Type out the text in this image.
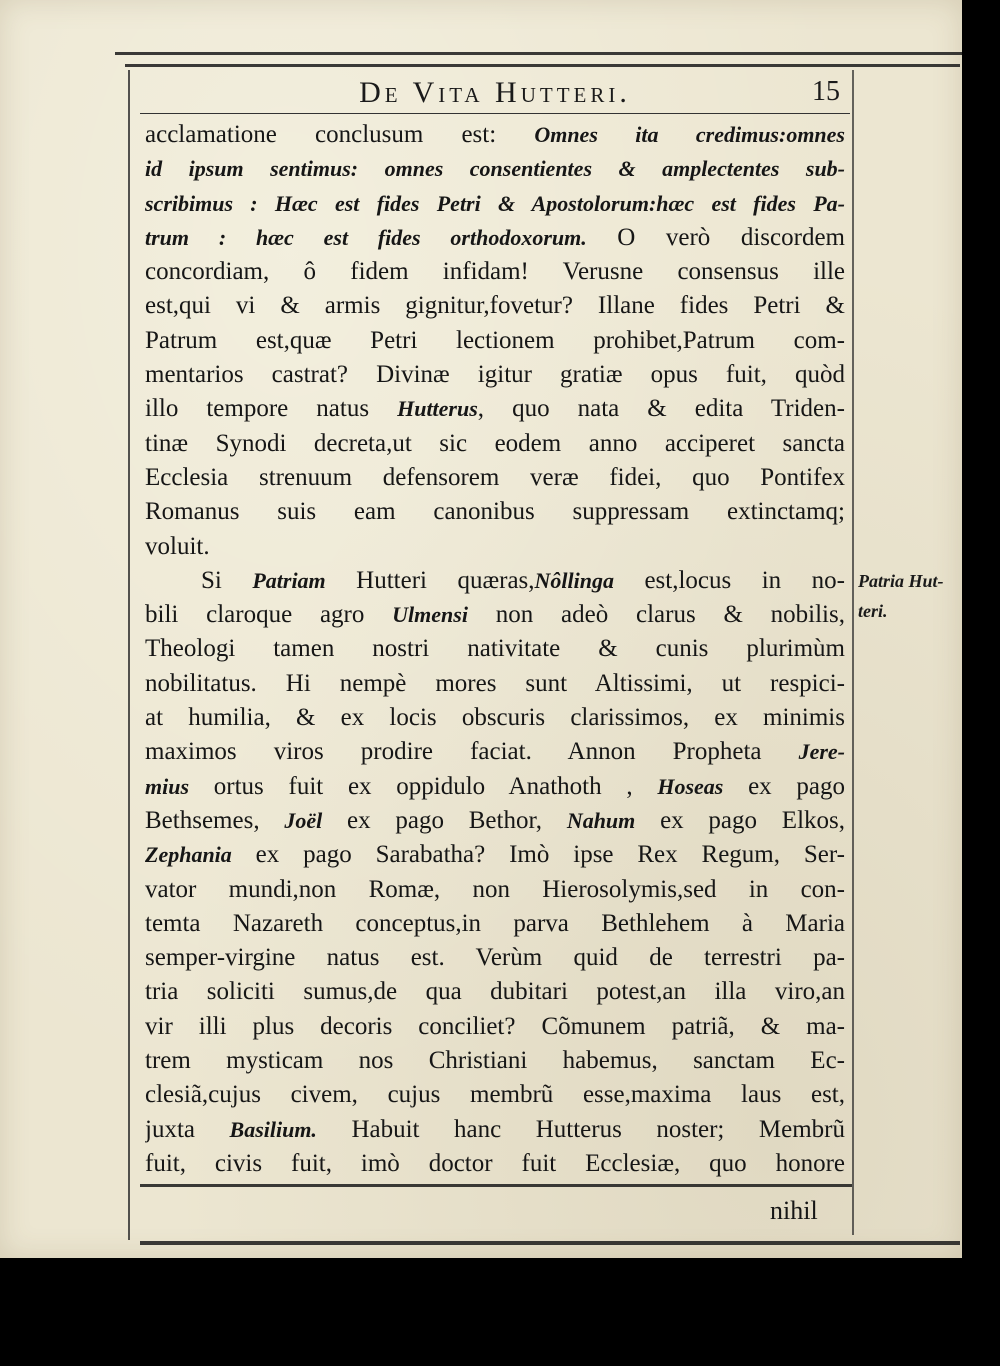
De Vita Hutteri.	15
acclamatione conclusum est: Omnes ita credimus:omnes
id ipsum sentimus: omnes consentientes & amplectentes sub-
scribimus : Hæc est fides Petri & Apostolorum:hæc est fides Pa-
trum : hæc est fides orthodoxorum. O verò discordem
concordiam, ô fidem infidam! Verusne consensus ille
est,qui vi & armis gignitur,fovetur? Illane fides Petri &
Patrum est,quæ Petri lectionem prohibet,Patrum com-
mentarios castrat? Divinæ igitur gratiæ opus fuit, quòd
illo tempore natus Hutterus, quo nata & edita Triden-
tinæ Synodi decreta,ut sic eodem anno acciperet sancta
Ecclesia strenuum defensorem veræ fidei, quo Pontifex
Romanus suis eam canonibus suppressam extinctamq;
voluit.
Si Patriam Hutteri quæras,Nôllinga est,locus in no-
bili claroque agro Ulmensi non adeò clarus & nobilis,
Theologi tamen nostri nativitate & cunis plurimùm
nobilitatus. Hi nempè mores sunt Altissimi, ut respici-
at humilia, & ex locis obscuris clarissimos, ex minimis
maximos viros prodire faciat. Annon Propheta Jere-
mius ortus fuit ex oppidulo Anathoth , Hoseas ex pago
Bethsemes, Joël ex pago Bethor, Nahum ex pago Elkos,
Zephania ex pago Sarabatha? Imò ipse Rex Regum, Ser-
vator mundi,non Romæ, non Hierosolymis,sed in con-
temta Nazareth conceptus,in parva Bethlehem à Maria
semper-virgine natus est. Verùm quid de terrestri pa-
tria soliciti sumus,de qua dubitari potest,an illa viro,an
vir illi plus decoris conciliet? Cõmunem patriã, & ma-
trem mysticam nos Christiani habemus, sanctam Ec-
clesiã,cujus civem, cujus membrũ esse,maxima laus est,
juxta Basilium. Habuit hanc Hutterus noster; Membrũ
fuit, civis fuit, imò doctor fuit Ecclesiæ, quo honore
Patria Hut-
teri.
nihil
